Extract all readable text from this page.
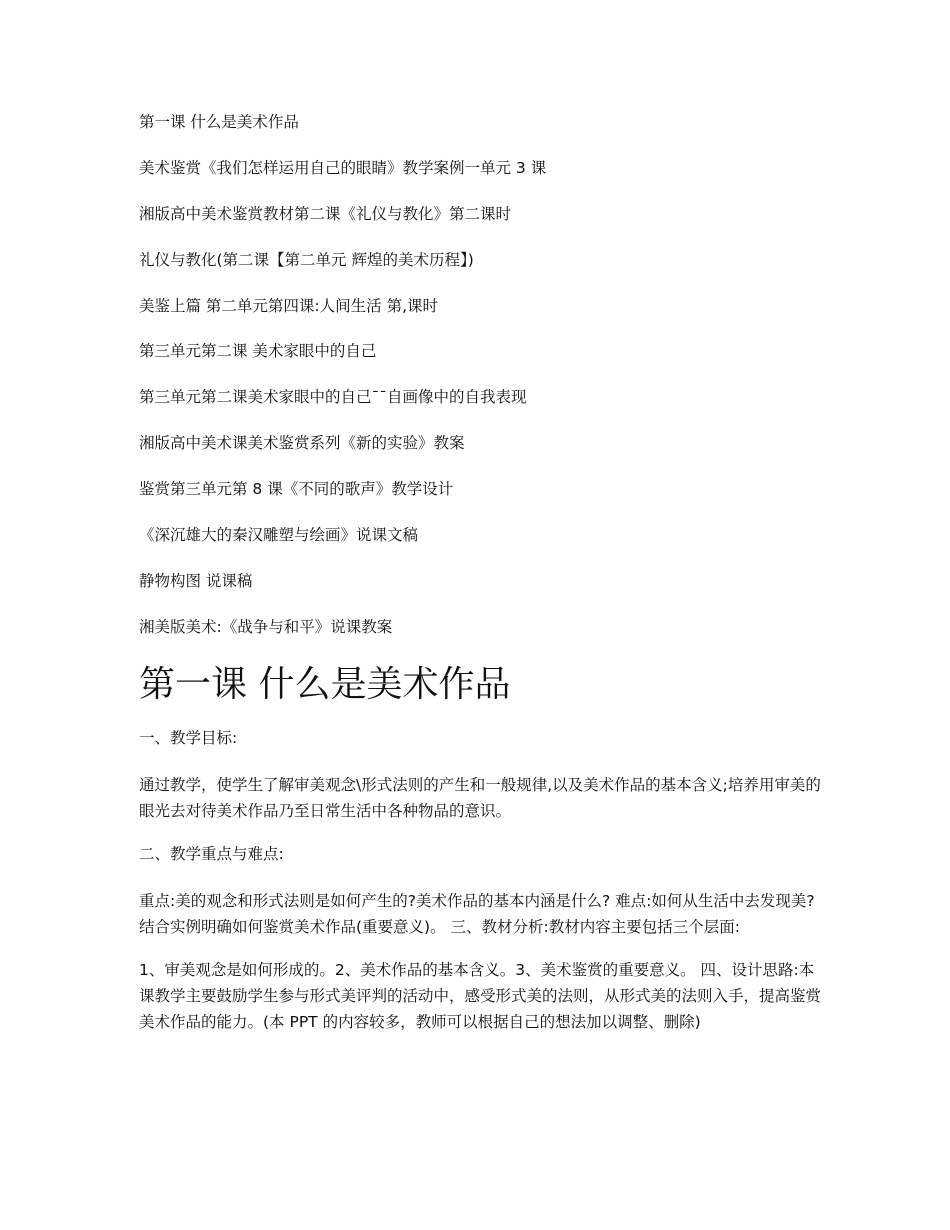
第一课 什么是美术作品
美术鉴赏《我们怎样运用自己的眼睛》教学案例一单元 3 课
湘版高中美术鉴赏教材第二课《礼仪与教化》第二课时
礼仪与教化(第二课【第二单元 辉煌的美术历程】)
美鉴上篇 第二单元第四课:人间生活 第,课时
第三单元第二课 美术家眼中的自己
第三单元第二课美术家眼中的自己¯¯自画像中的自我表现
湘版高中美术课美术鉴赏系列《新的实验》教案
鉴赏第三单元第 8 课《不同的歌声》教学设计
《深沉雄大的秦汉雕塑与绘画》说课文稿
静物构图 说课稿
湘美版美术:《战争与和平》说课教案
第一课 什么是美术作品

一、教学目标:

通过教学，使学生了解审美观念\形式法则的产生和一般规律,以及美术作品的基本含义;培养用审美的眼光去对待美术作品乃至日常生活中各种物品的意识。

二、教学重点与难点:

重点:美的观念和形式法则是如何产生的?美术作品的基本内涵是什么? 难点:如何从生活中去发现美?结合实例明确如何鉴赏美术作品(重要意义)。 三、教材分析:教材内容主要包括三个层面:

1、审美观念是如何形成的。2、美术作品的基本含义。3、美术鉴赏的重要意义。 四、设计思路:本课教学主要鼓励学生参与形式美评判的活动中，感受形式美的法则，从形式美的法则入手，提高鉴赏美术作品的能力。(本 PPT 的内容较多，教师可以根据自己的想法加以调整、删除)
